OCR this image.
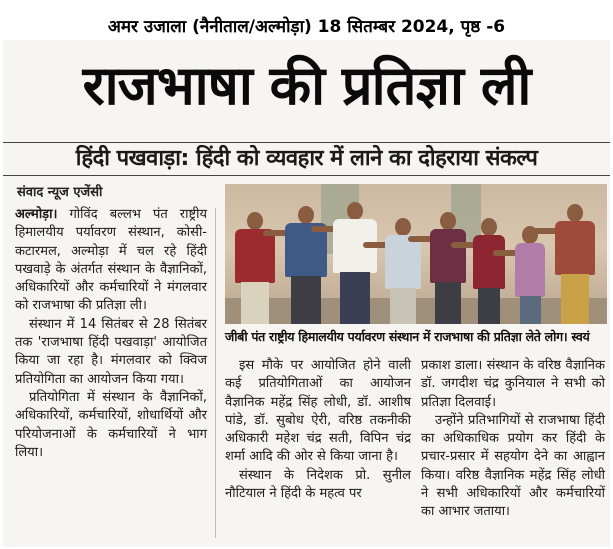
अमर उजाला (नैनीताल/अल्मोड़ा) 18 सितम्बर 2024, पृष्ठ -6
राजभाषा की प्रतिज्ञा ली
हिंदी पखवाड़ा: हिंदी को व्यवहार में लाने का दोहराया संकल्प
संवाद न्यूज एजेंसी
जीबी पंत राष्ट्रीय हिमालयीय पर्यावरण संस्थान में राजभाषा की प्रतिज्ञा लेते लोग। स्वयं

अल्मोड़ा। गोविंद बल्लभ पंत राष्ट्रीय हिमालयीय पर्यावरण संस्थान, कोसी-कटारमल, अल्मोड़ा में चल रहे हिंदी पखवाड़े के अंतर्गत संस्थान के वैज्ञानिकों, अधिकारियों और कर्मचारियों ने मंगलवार को राजभाषा की प्रतिज्ञा ली।

संस्थान में 14 सितंबर से 28 सितंबर तक 'राजभाषा हिंदी पखवाड़ा' आयोजित किया जा रहा है। मंगलवार को क्विज प्रतियोगिता का आयोजन किया गया।

प्रतियोगिता में संस्थान के वैज्ञानिकों, अधिकारियों, कर्मचारियों, शोधार्थियों और परियोजनाओं के कर्मचारियों ने भाग लिया।

इस मौके पर आयोजित होने वाली कई प्रतियोगिताओं का आयोजन वैज्ञानिक महेंद्र सिंह लोधी, डॉ. आशीष पांडे, डॉ. सुबोध ऐरी, वरिष्ठ तकनीकी अधिकारी महेश चंद्र सती, विपिन चंद्र शर्मा आदि की ओर से किया जाना है।

संस्थान के निदेशक प्रो. सुनील नौटियाल ने हिंदी के महत्व पर

प्रकाश डाला। संस्थान के वरिष्ठ वैज्ञानिक डॉ. जगदीश चंद्र कुनियाल ने सभी को प्रतिज्ञा दिलवाई।

उन्होंने प्रतिभागियों से राजभाषा हिंदी का अधिकाधिक प्रयोग कर हिंदी के प्रचार-प्रसार में सहयोग देने का आह्वान किया। वरिष्ठ वैज्ञानिक महेंद्र सिंह लोधी ने सभी अधिकारियों और कर्मचारियों का आभार जताया।
